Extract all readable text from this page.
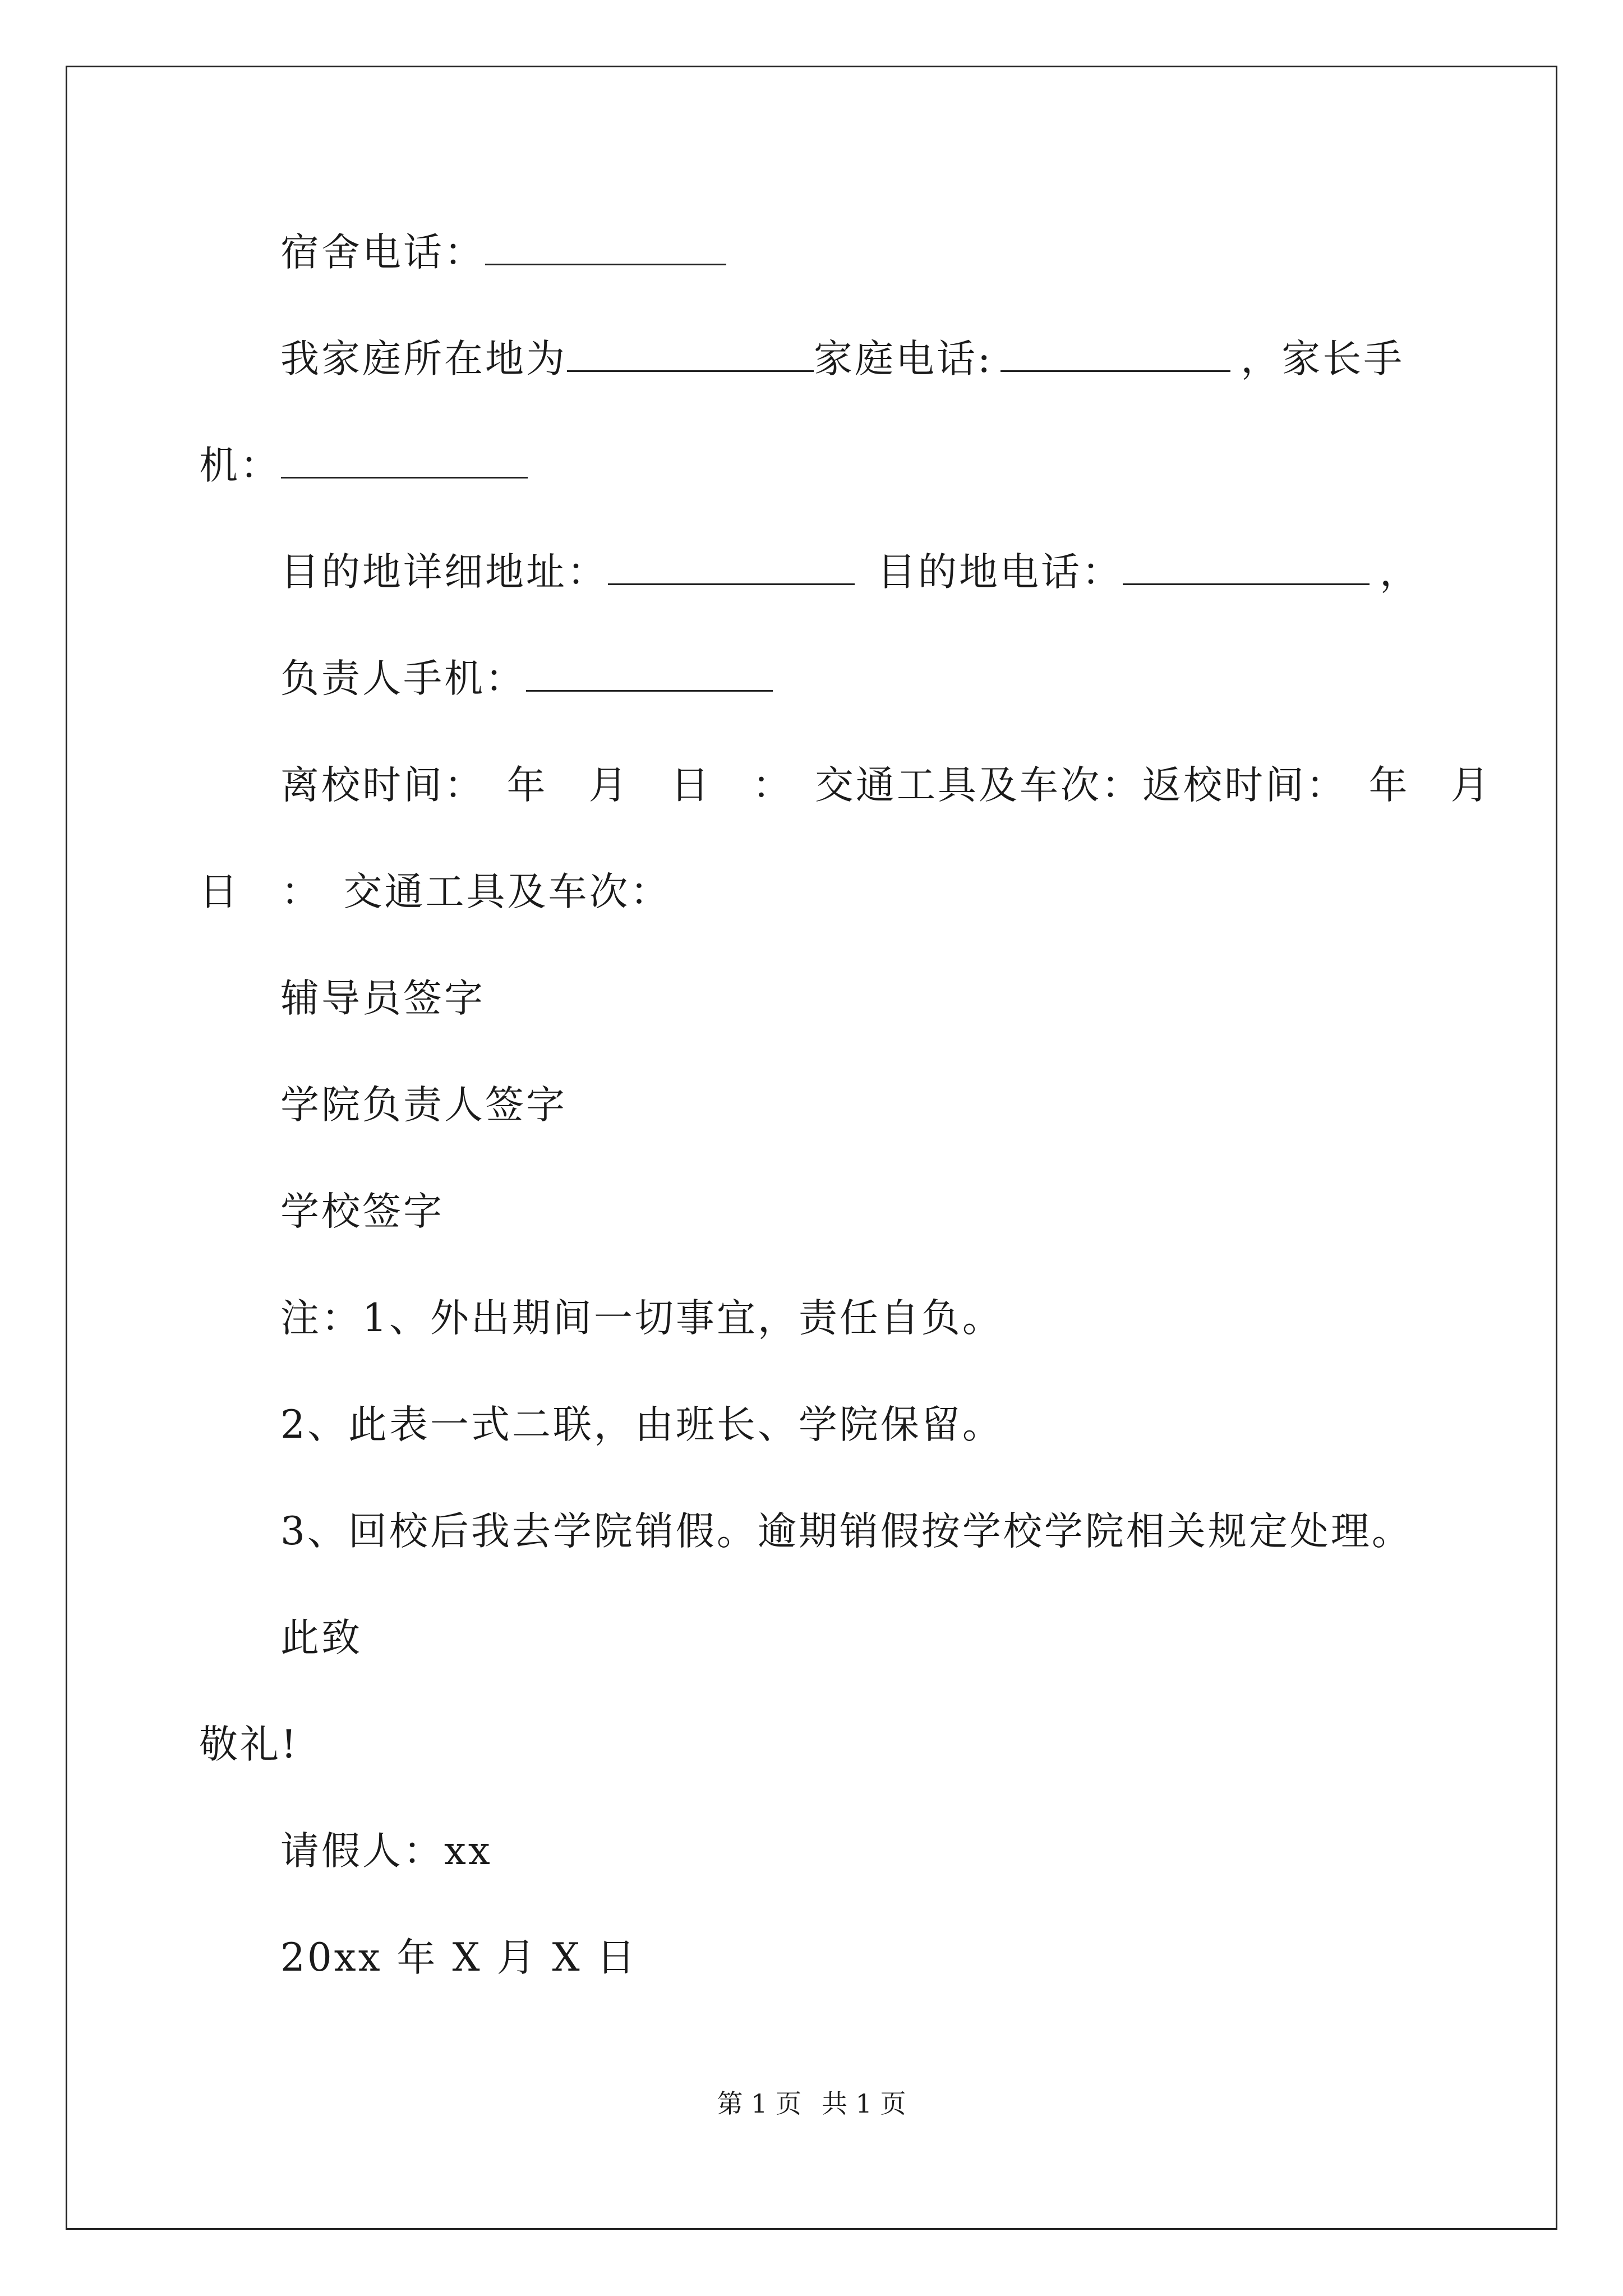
宿舍电话：
我家庭所在地为	家庭电话:	，家长手
机：
目的地详细地址：	目的地电话：	，
负责人手机：
离校时间：　年　月　日　：　交通工具及车次：返校时间：　年　月
日　：　交通工具及车次：
辅导员签字
学院负责人签字
学校签字
注：1、外出期间一切事宜，责任自负。
2、此表一式二联，由班长、学院保留。
3、回校后我去学院销假。逾期销假按学校学院相关规定处理。
此致
敬礼!
请假人：xx
20xx 年 X 月 X 日
第 1 页 共 1 页
